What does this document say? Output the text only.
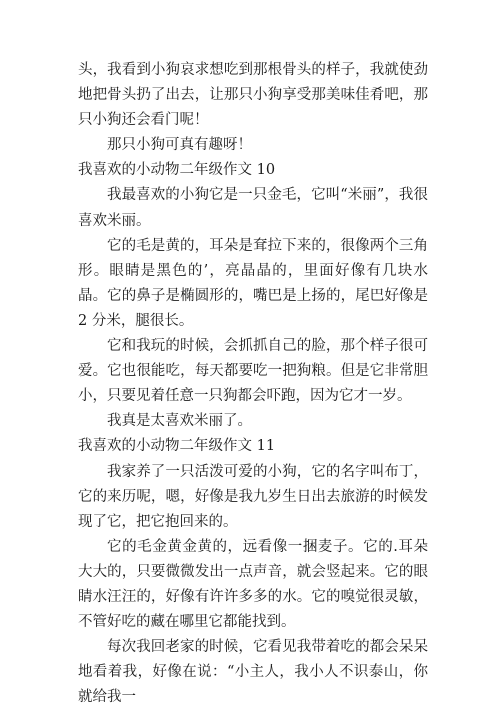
头，我看到小狗哀求想吃到那根骨头的样子，我就使劲地把骨头扔了出去，让那只小狗享受那美味佳肴吧，那只小狗还会看门呢！

那只小狗可真有趣呀！

我喜欢的小动物二年级作文 10

我最喜欢的小狗它是一只金毛，它叫“米丽”，我很喜欢米丽。

它的毛是黄的，耳朵是耷拉下来的，很像两个三角形。眼睛是黑色的’，亮晶晶的，里面好像有几块水晶。它的鼻子是椭圆形的，嘴巴是上扬的，尾巴好像是 2 分米，腿很长。

它和我玩的时候，会抓抓自己的脸，那个样子很可爱。它也很能吃，每天都要吃一把狗粮。但是它非常胆小，只要见着任意一只狗都会吓跑，因为它才一岁。

我真是太喜欢米丽了。

我喜欢的小动物二年级作文 11

我家养了一只活泼可爱的小狗，它的名字叫布丁，它的来历呢，嗯，好像是我九岁生日出去旅游的时候发现了它，把它抱回来的。

它的毛金黄金黄的，远看像一捆麦子。它的.耳朵大大的，只要微微发出一点声音，就会竖起来。它的眼睛水汪汪的，好像有许许多多的水。它的嗅觉很灵敏，不管好吃的藏在哪里它都能找到。

每次我回老家的时候，它看见我带着吃的都会呆呆地看着我，好像在说：“小主人，我小人不识泰山，你就给我一
